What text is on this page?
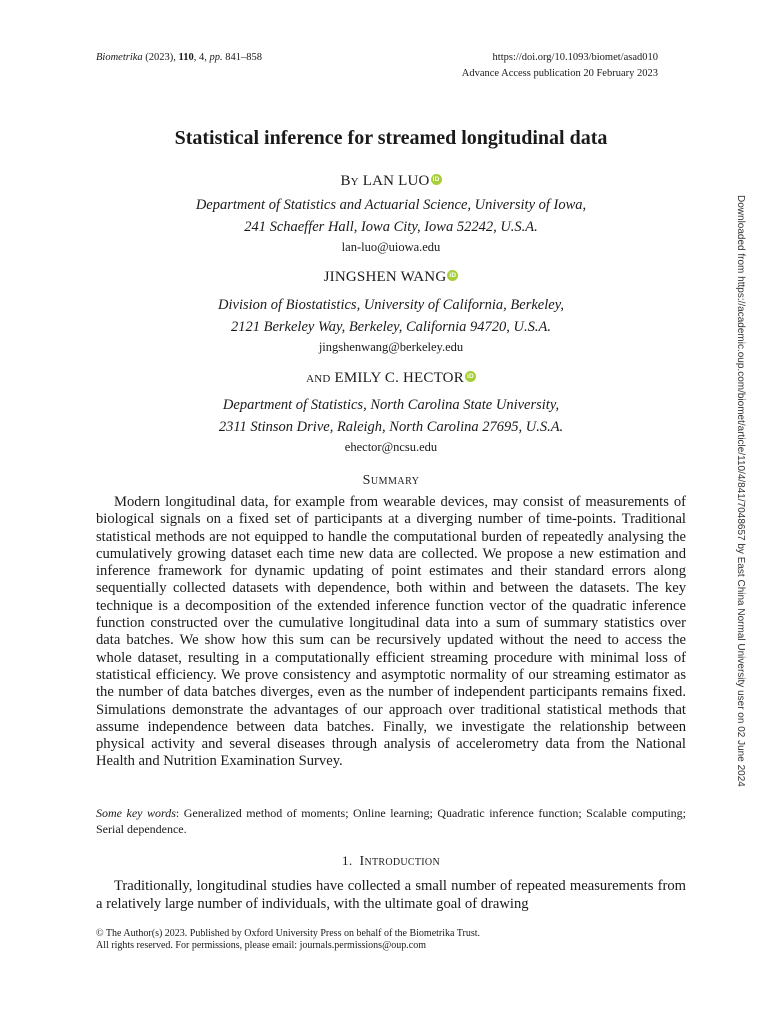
Biometrika (2023), 110, 4, pp. 841–858	https://doi.org/10.1093/biomet/asad010
Advance Access publication 20 February 2023
Statistical inference for streamed longitudinal data
By LAN LUO iD
Department of Statistics and Actuarial Science, University of Iowa,
241 Schaeffer Hall, Iowa City, Iowa 52242, U.S.A.
lan-luo@uiowa.edu
JINGSHEN WANG iD
Division of Biostatistics, University of California, Berkeley,
2121 Berkeley Way, Berkeley, California 94720, U.S.A.
jingshenwang@berkeley.edu
and EMILY C. HECTOR iD
Department of Statistics, North Carolina State University,
2311 Stinson Drive, Raleigh, North Carolina 27695, U.S.A.
ehector@ncsu.edu
Summary

Modern longitudinal data, for example from wearable devices, may consist of measurements of biological signals on a fixed set of participants at a diverging number of time-points. Traditional statistical methods are not equipped to handle the computational burden of repeatedly analysing the cumulatively growing dataset each time new data are collected. We propose a new estimation and inference framework for dynamic updating of point estimates and their standard errors along sequentially collected datasets with dependence, both within and between the datasets. The key technique is a decomposition of the extended inference function vector of the quadratic inference function constructed over the cumulative longitudinal data into a sum of summary statistics over data batches. We show how this sum can be recursively updated without the need to access the whole dataset, resulting in a computationally efficient streaming procedure with minimal loss of statistical efficiency. We prove consistency and asymptotic normality of our streaming estimator as the number of data batches diverges, even as the number of independent participants remains fixed. Simulations demonstrate the advantages of our approach over traditional statistical methods that assume independence between data batches. Finally, we investigate the relationship between physical activity and several diseases through analysis of accelerometry data from the National Health and Nutrition Examination Survey.

Some key words: Generalized method of moments; Online learning; Quadratic inference function; Scalable computing; Serial dependence.
1. Introduction

Traditionally, longitudinal studies have collected a small number of repeated measurements from a relatively large number of individuals, with the ultimate goal of drawing

© The Author(s) 2023. Published by Oxford University Press on behalf of the Biometrika Trust.
All rights reserved. For permissions, please email: journals.permissions@oup.com
Downloaded from https://academic.oup.com/biomet/article/110/4/841/7048657 by East China Normal University user on 02 June 2024
